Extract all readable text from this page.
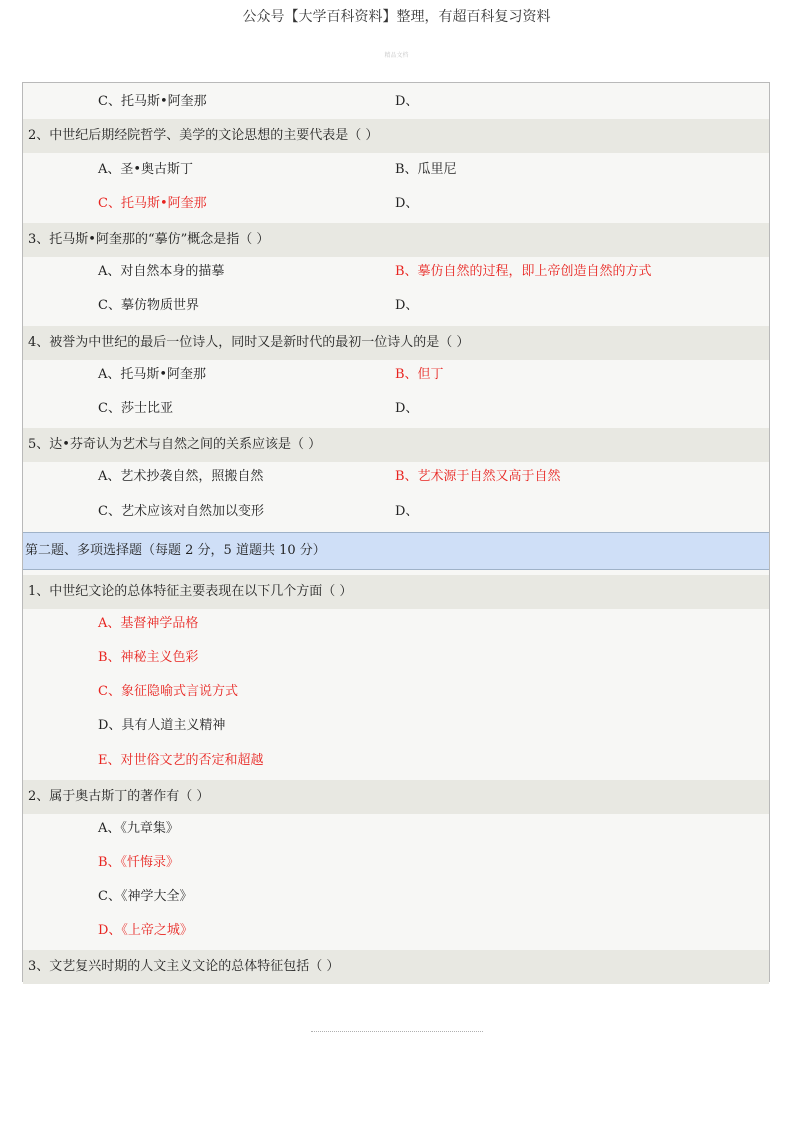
公众号【大学百科资料】整理，有超百科复习资料
精品文档
C、托马斯•阿奎那	D、
2、中世纪后期经院哲学、美学的文论思想的主要代表是（ ）
A、圣•奥古斯丁	B、瓜里尼
C、托马斯•阿奎那	D、
3、托马斯•阿奎那的“摹仿”概念是指（ ）
A、对自然本身的描摹	B、摹仿自然的过程，即上帝创造自然的方式
C、摹仿物质世界	D、
4、被誉为中世纪的最后一位诗人，同时又是新时代的最初一位诗人的是（ ）
A、托马斯•阿奎那	B、但丁
C、莎士比亚	D、
5、达•芬奇认为艺术与自然之间的关系应该是（ ）
A、艺术抄袭自然，照搬自然	B、艺术源于自然又高于自然
C、艺术应该对自然加以变形	D、
第二题、多项选择题（每题 2 分，5 道题共 10 分）
1、中世纪文论的总体特征主要表现在以下几个方面（ ）
A、基督神学品格
B、神秘主义色彩
C、象征隐喻式言说方式
D、具有人道主义精神
E、对世俗文艺的否定和超越
2、属于奥古斯丁的著作有（ ）
A、《九章集》
B、《忏悔录》
C、《神学大全》
D、《上帝之城》
3、文艺复兴时期的人文主义文论的总体特征包括（ ）
